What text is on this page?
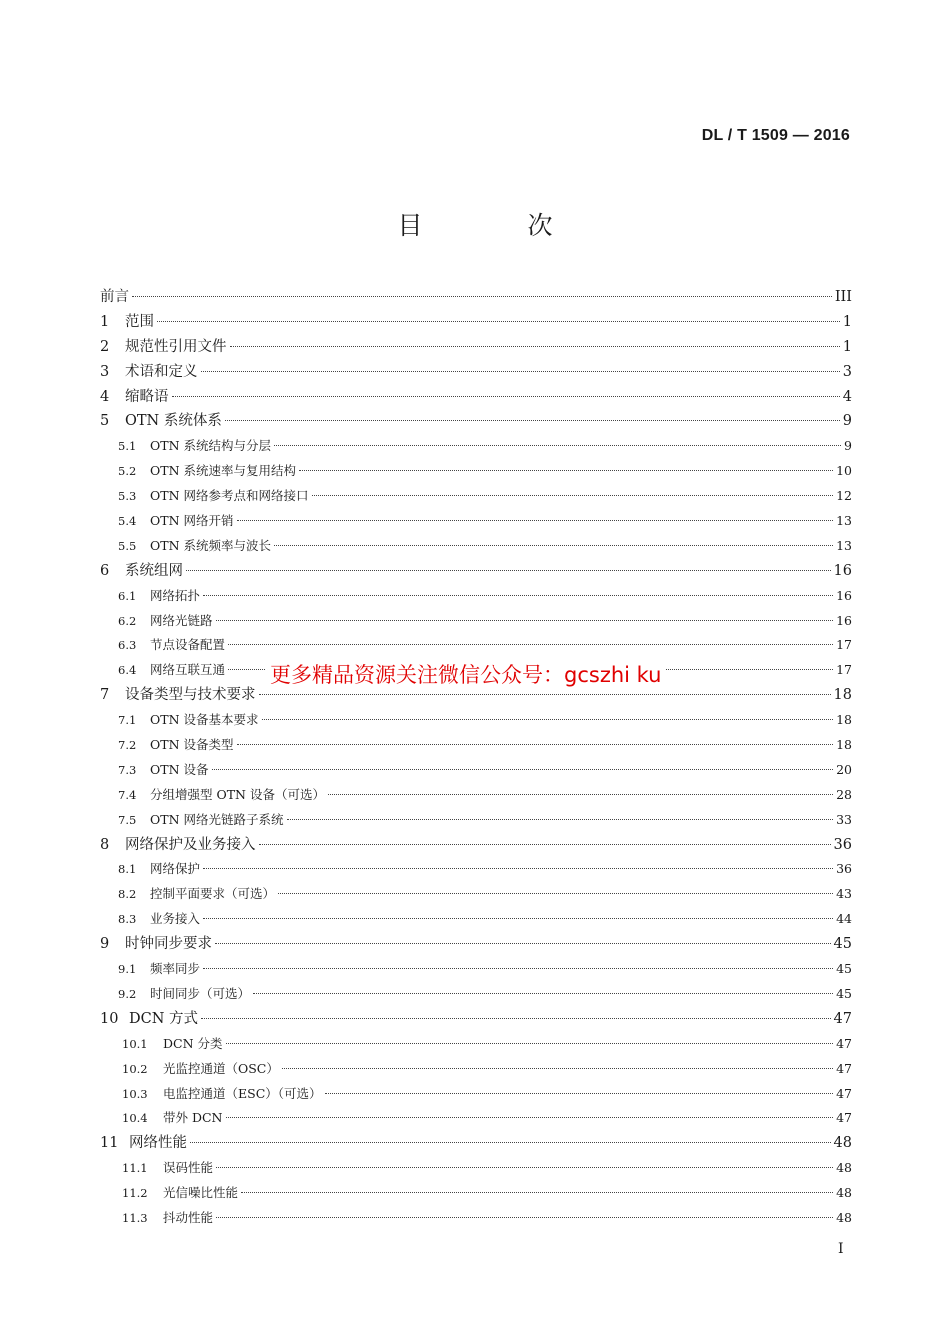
DL / T 1509 — 2016
目　次
前言	III
1	范围	1
2	规范性引用文件	1
3	术语和定义	3
4	缩略语	4
5	OTN 系统体系	9
5.1	OTN 系统结构与分层	9
5.2	OTN 系统速率与复用结构	10
5.3	OTN 网络参考点和网络接口	12
5.4	OTN 网络开销	13
5.5	OTN 系统频率与波长	13
6	系统组网	16
6.1	网络拓扑	16
6.2	网络光链路	16
6.3	节点设备配置	17
6.4	网络互联互通	17
7	设备类型与技术要求	18
7.1	OTN 设备基本要求	18
7.2	OTN 设备类型	18
7.3	OTN 设备	20
7.4	分组增强型 OTN 设备（可选）	28
7.5	OTN 网络光链路子系统	33
8	网络保护及业务接入	36
8.1	网络保护	36
8.2	控制平面要求（可选）	43
8.3	业务接入	44
9	时钟同步要求	45
9.1	频率同步	45
9.2	时间同步（可选）	45
10 DCN 方式	47
10.1	DCN 分类	47
10.2	光监控通道（OSC）	47
10.3	电监控通道（ESC）（可选）	47
10.4	带外 DCN	47
11 网络性能	48
11.1	误码性能	48
11.2	光信噪比性能	48
11.3	抖动性能	48
更多精品资源关注微信公众号：gcszhi ku
I
